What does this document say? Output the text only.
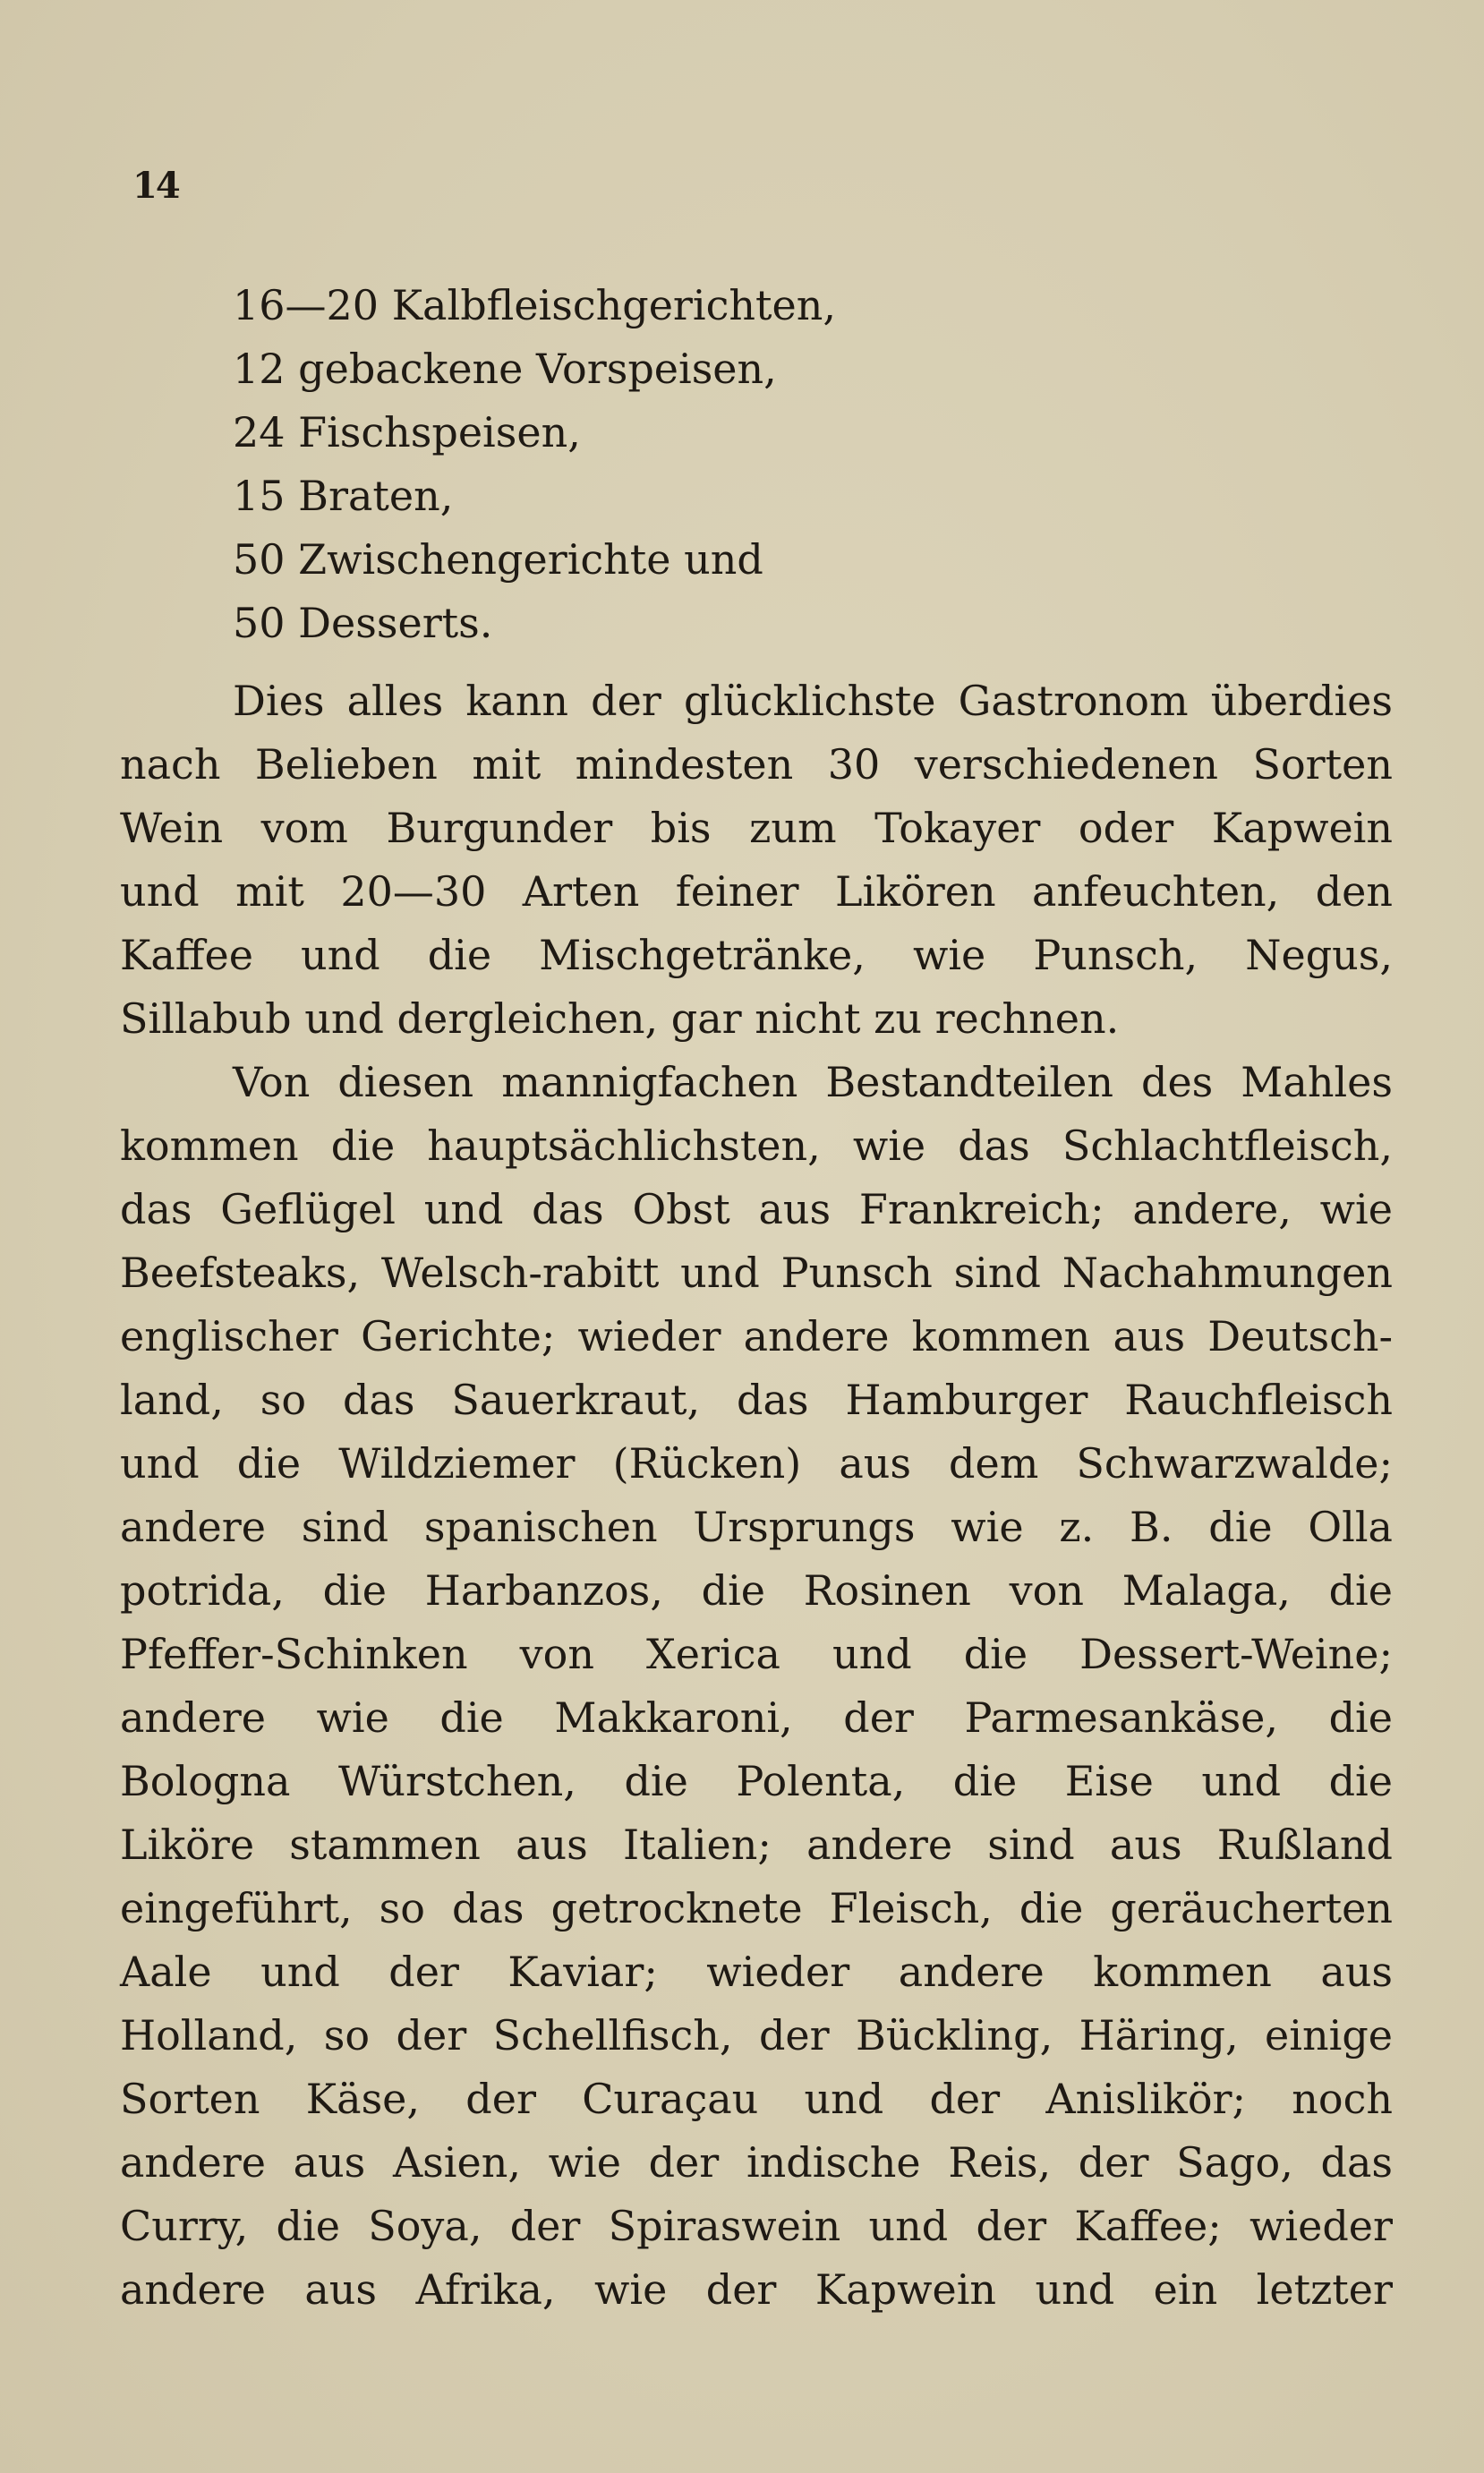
14
16—20 Kalbfleischgerichten,
12 gebackene Vorspeisen,
24 Fischspeisen,
15 Braten,
50 Zwischengerichte und
50 Desserts.
Dies alles kann der glücklichste Gastronom überdies
nach Belieben mit mindesten 30 verschiedenen Sorten
Wein vom Burgunder bis zum Tokayer oder Kapwein
und mit 20—30 Arten feiner Likören anfeuchten, den
Kaffee und die Mischgetränke, wie Punsch, Negus,
Sillabub und dergleichen, gar nicht zu rechnen.
Von diesen mannigfachen Bestandteilen des Mahles
kommen die hauptsächlichsten, wie das Schlachtfleisch,
das Geflügel und das Obst aus Frankreich; andere, wie
Beefsteaks, Welsch-rabitt und Punsch sind Nachahmungen
englischer Gerichte; wieder andere kommen aus Deutsch-
land, so das Sauerkraut, das Hamburger Rauchfleisch
und die Wildziemer (Rücken) aus dem Schwarzwalde;
andere sind spanischen Ursprungs wie z. B. die Olla
potrida, die Harbanzos, die Rosinen von Malaga, die
Pfeffer-Schinken von Xerica und die Dessert-Weine;
andere wie die Makkaroni, der Parmesankäse, die
Bologna Würstchen, die Polenta, die Eise und die
Liköre stammen aus Italien; andere sind aus Rußland
eingeführt, so das getrocknete Fleisch, die geräucherten
Aale und der Kaviar; wieder andere kommen aus
Holland, so der Schellfisch, der Bückling, Häring, einige
Sorten Käse, der Curaçau und der Anislikör; noch
andere aus Asien, wie der indische Reis, der Sago, das
Curry, die Soya, der Spiraswein und der Kaffee; wieder
andere aus Afrika, wie der Kapwein und ein letzter
